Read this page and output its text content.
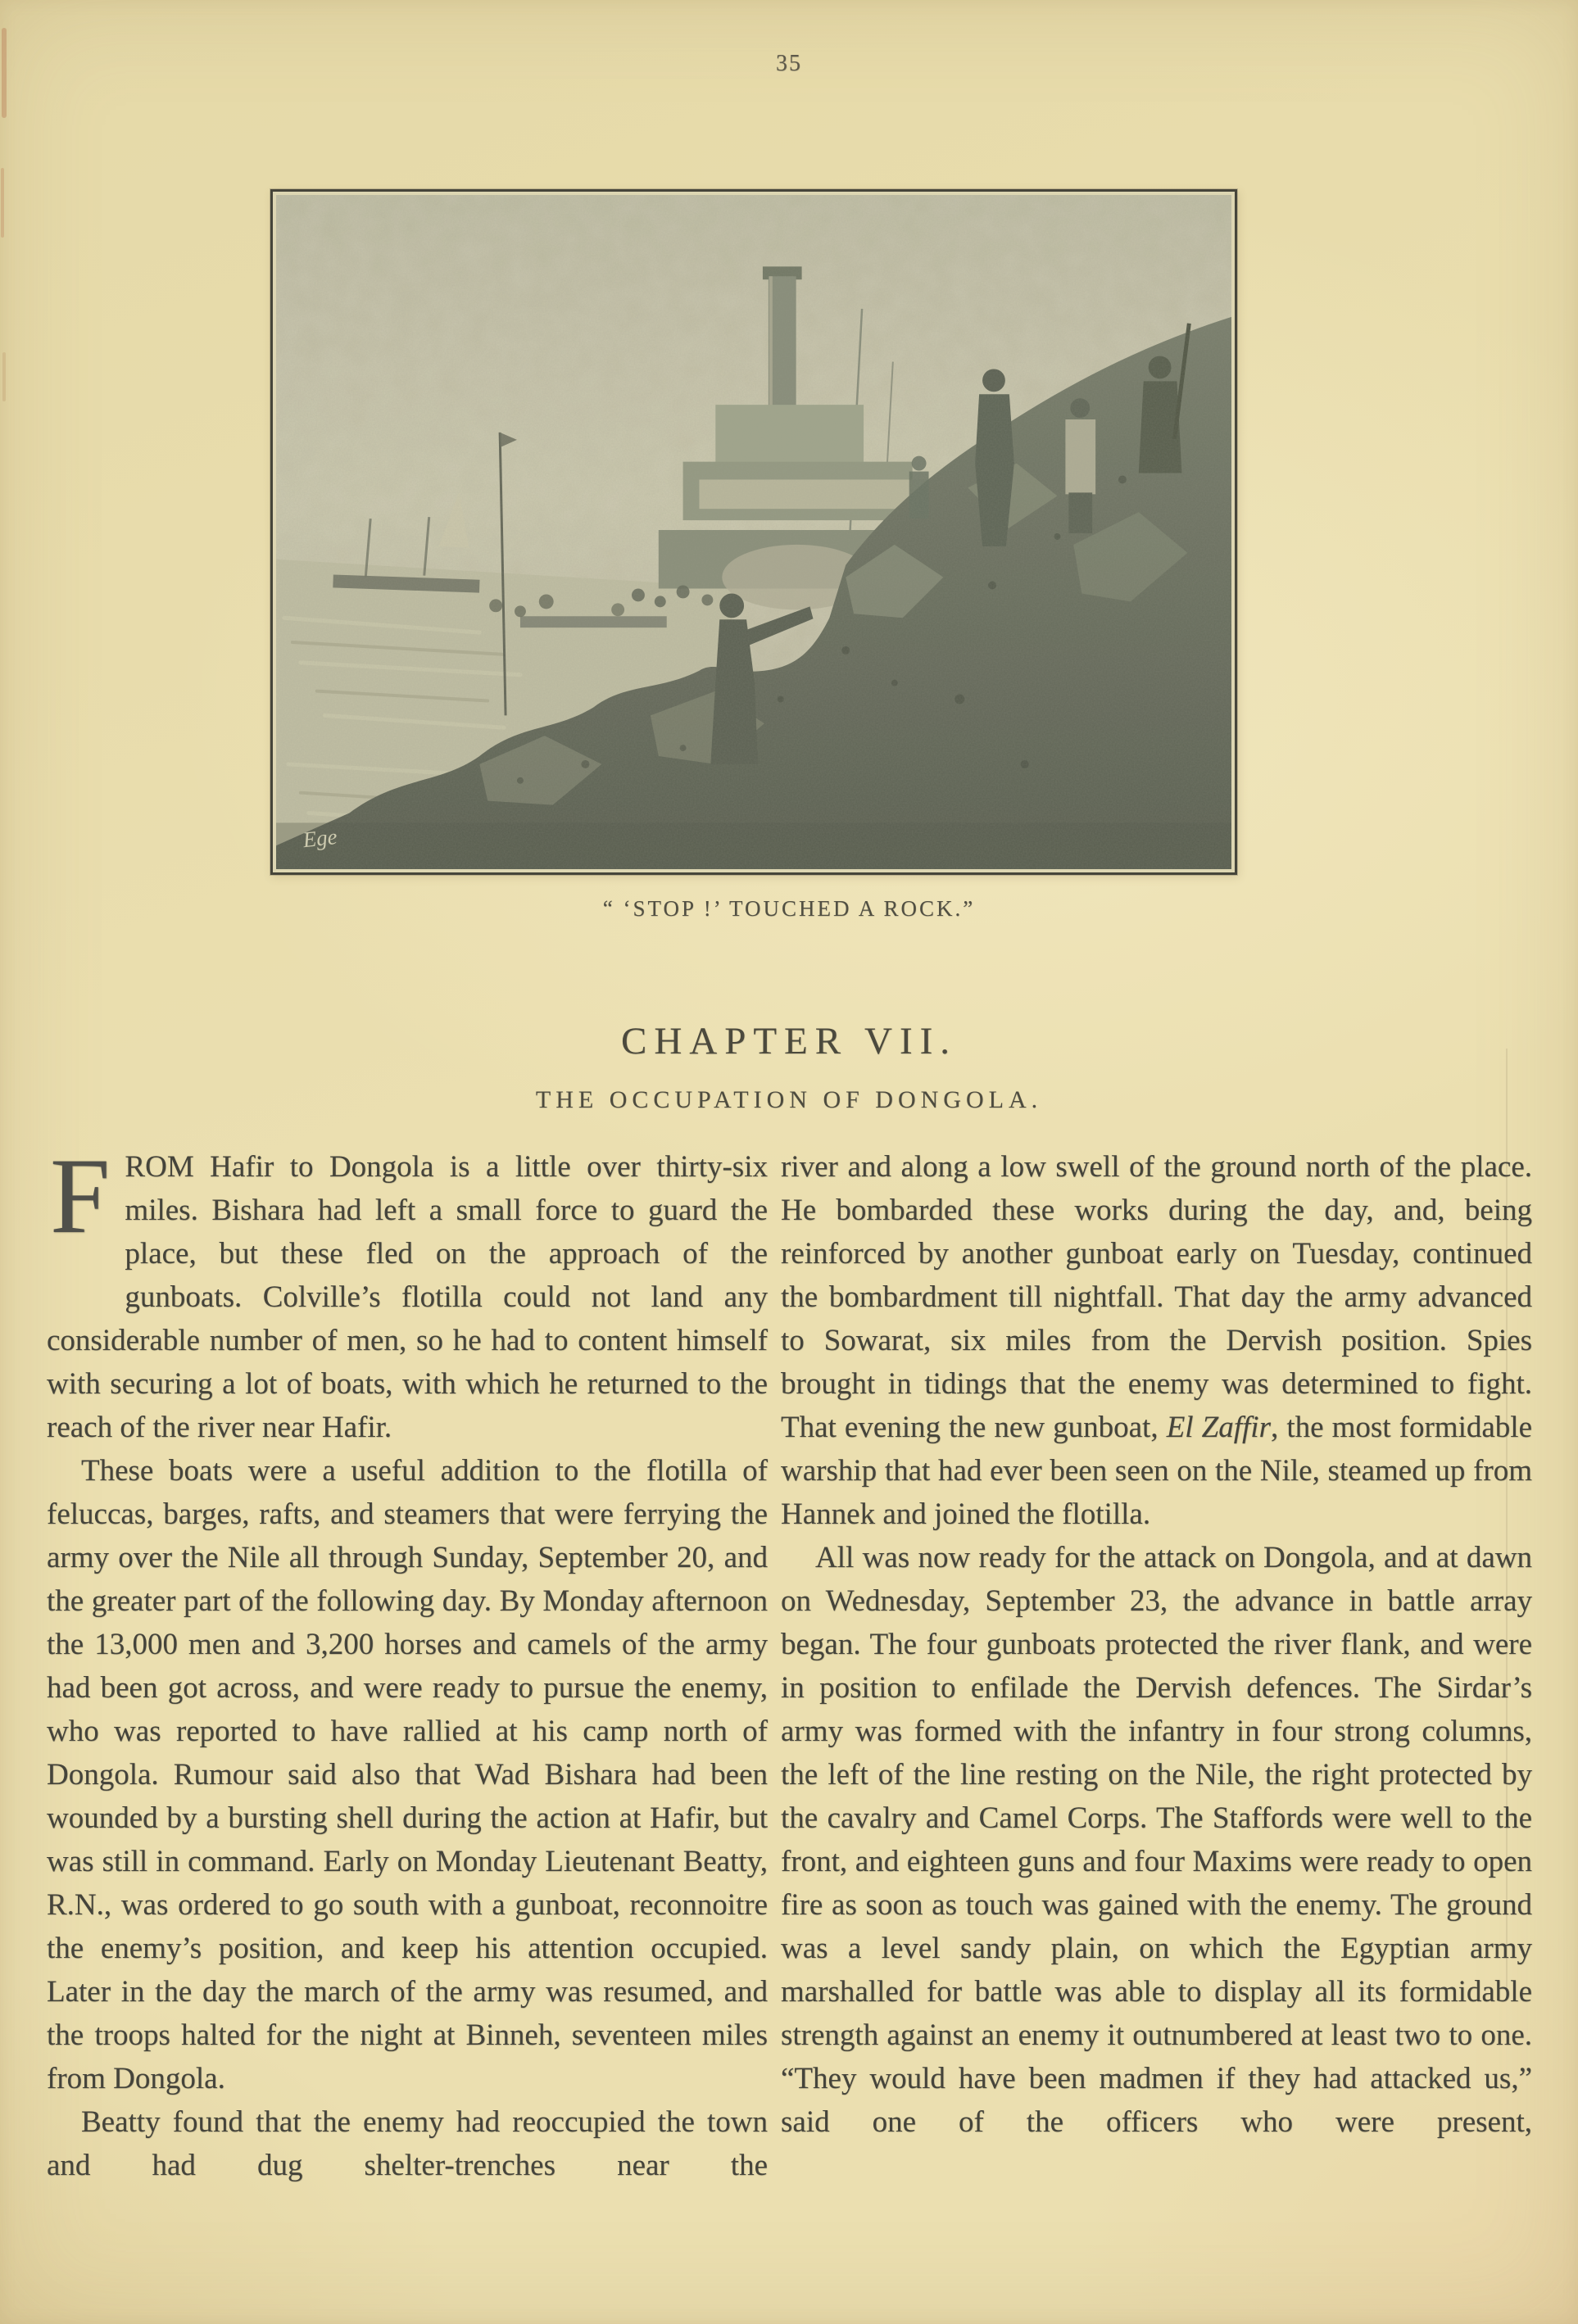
35
“ ‘STOP !’ TOUCHED A ROCK.”
CHAPTER VII.
THE OCCUPATION OF DONGOLA.

FROM Hafir to Dongola is a little over thirty-six miles. Bishara had left a small force to guard the place, but these fled on the approach of the gunboats. Colville’s flotilla could not land any considerable number of men, so he had to content himself with securing a lot of boats, with which he returned to the reach of the river near Hafir.

These boats were a useful addition to the flotilla of feluccas, barges, rafts, and steamers that were ferrying the army over the Nile all through Sunday, September 20, and the greater part of the following day. By Monday afternoon the 13,000 men and 3,200 horses and camels of the army had been got across, and were ready to pursue the enemy, who was reported to have rallied at his camp north of Dongola. Rumour said also that Wad Bishara had been wounded by a bursting shell during the action at Hafir, but was still in command. Early on Monday Lieutenant Beatty, R.N., was ordered to go south with a gunboat, reconnoitre the enemy’s position, and keep his attention occupied. Later in the day the march of the army was resumed, and the troops halted for the night at Binneh, seventeen miles from Dongola.

Beatty found that the enemy had reoccupied the town and had dug shelter-trenches near the

river and along a low swell of the ground north of the place. He bombarded these works during the day, and, being reinforced by another gunboat early on Tuesday, continued the bombardment till nightfall. That day the army advanced to Sowarat, six miles from the Dervish position. Spies brought in tidings that the enemy was determined to fight. That evening the new gunboat, El Zaffir, the most formidable warship that had ever been seen on the Nile, steamed up from Hannek and joined the flotilla.

All was now ready for the attack on Dongola, and at dawn on Wednesday, September 23, the advance in battle array began. The four gunboats protected the river flank, and were in position to enfilade the Dervish defences. The Sirdar’s army was formed with the infantry in four strong columns, the left of the line resting on the Nile, the right protected by the cavalry and Camel Corps. The Staffords were well to the front, and eighteen guns and four Maxims were ready to open fire as soon as touch was gained with the enemy. The ground was a level sandy plain, on which the Egyptian army marshalled for battle was able to display all its formidable strength against an enemy it outnumbered at least two to one. “They would have been madmen if they had attacked us,” said one of the officers who were present,
